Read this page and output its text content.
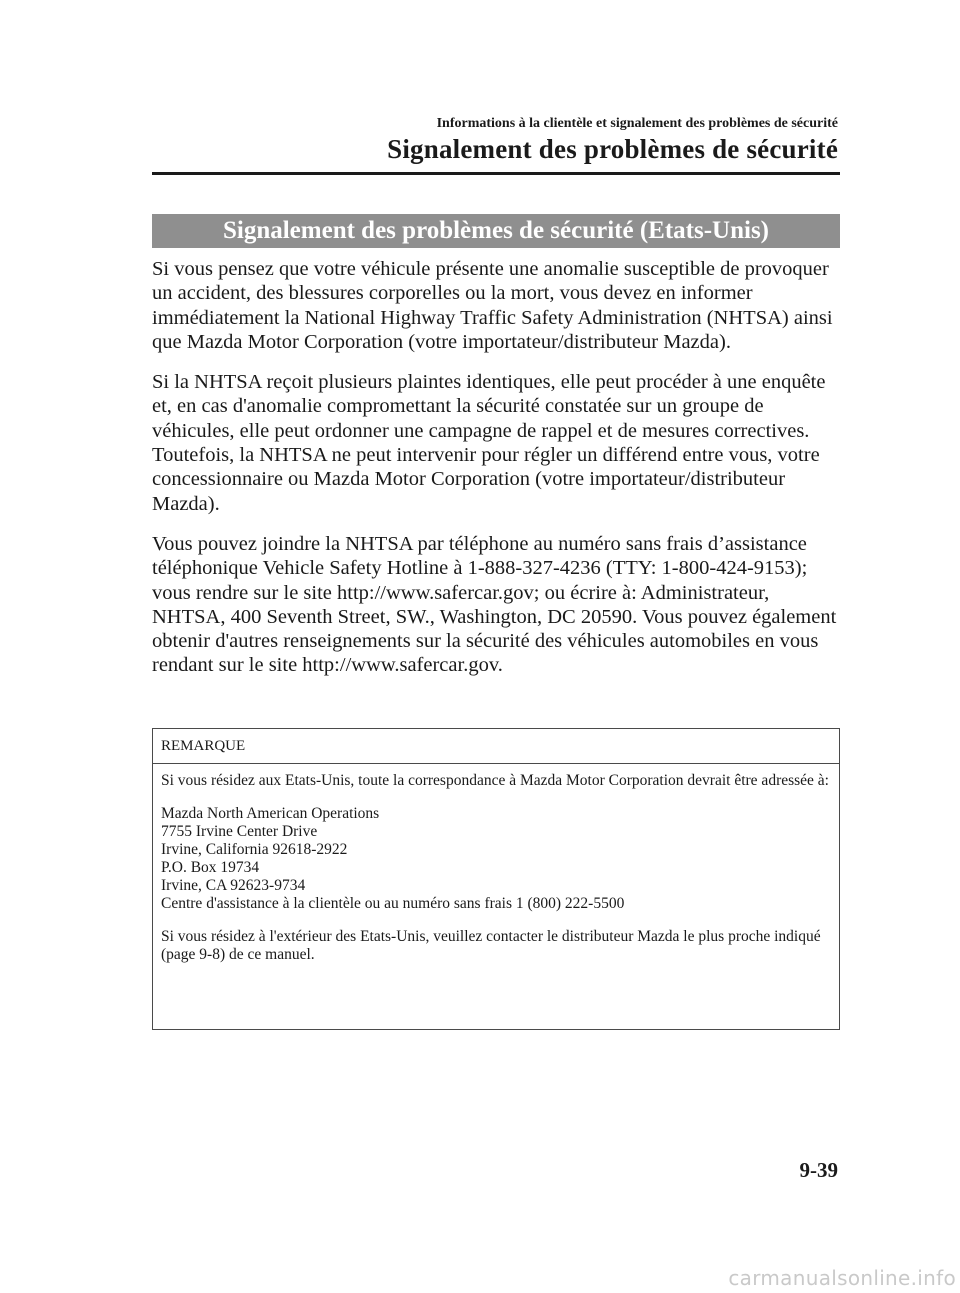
Informations à la clientèle et signalement des problèmes de sécurité
Signalement des problèmes de sécurité
Signalement des problèmes de sécurité (Etats-Unis)

Si vous pensez que votre véhicule présente une anomalie susceptible de provoquer un accident, des blessures corporelles ou la mort, vous devez en informer immédiatement la National Highway Traffic Safety Administration (NHTSA) ainsi que Mazda Motor Corporation (votre importateur/distributeur Mazda).

Si la NHTSA reçoit plusieurs plaintes identiques, elle peut procéder à une enquête et, en cas d'anomalie compromettant la sécurité constatée sur un groupe de véhicules, elle peut ordonner une campagne de rappel et de mesures correctives. Toutefois, la NHTSA ne peut intervenir pour régler un différend entre vous, votre concessionnaire ou Mazda Motor Corporation (votre importateur/distributeur Mazda).

Vous pouvez joindre la NHTSA par téléphone au numéro sans frais d’assistance téléphonique Vehicle Safety Hotline à 1-888-327-4236 (TTY: 1-800-424-9153); vous rendre sur le site http://www.safercar.gov; ou écrire à: Administrateur, NHTSA, 400 Seventh Street, SW., Washington, DC 20590. Vous pouvez également obtenir d'autres renseignements sur la sécurité des véhicules automobiles en vous rendant sur le site http://www.safercar.gov.

REMARQUE

Si vous résidez aux Etats-Unis, toute la correspondance à Mazda Motor Corporation devrait être adressée à:

Mazda North American Operations
7755 Irvine Center Drive
Irvine, California 92618-2922
P.O. Box 19734
Irvine, CA 92623-9734
Centre d'assistance à la clientèle ou au numéro sans frais 1 (800) 222-5500

Si vous résidez à l'extérieur des Etats-Unis, veuillez contacter le distributeur Mazda le plus proche indiqué (page 9-8) de ce manuel.

9-39
carmanualsonline.info
